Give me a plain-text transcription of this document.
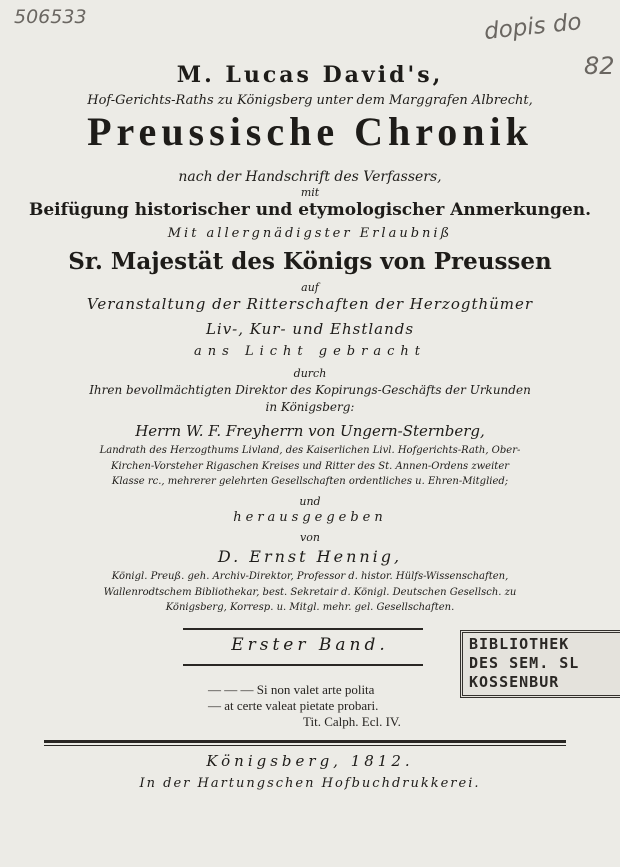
506533	dopis do
82
M. Lucas David's,
Hof-Gerichts-Raths zu Königsberg unter dem Marggrafen Albrecht,
Preussische Chronik
nach der Handschrift des Verfassers,
mit
Beifügung historischer und etymologischer Anmerkungen.
Mit allergnädigster Erlaubniß
Sr. Majestät des Königs von Preussen
auf
Veranstaltung der Ritterschaften der Herzogthümer
Liv-, Kur- und Ehstlands
ans Licht gebracht
durch
Ihren bevollmächtigten Direktor des Kopirungs-Geschäfts der Urkunden
in Königsberg:
Herrn W. F. Freyherrn von Ungern-Sternberg,
Landrath des Herzogthums Livland, des Kaiserlichen Livl. Hofgerichts-Rath, Ober-
Kirchen-Vorsteher Rigaschen Kreises und Ritter des St. Annen-Ordens zweiter
Klasse rc., mehrerer gelehrten Gesellschaften ordentliches u. Ehren-Mitglied;
und
herausgegeben
von
D. Ernst Hennig,
Königl. Preuß. geh. Archiv-Direktor, Professor d. histor. Hülfs-Wissenschaften,
Wallenrodtschem Bibliothekar, best. Sekretair d. Königl. Deutschen Gesellsch. zu
Königsberg, Korresp. u. Mitgl. mehr. gel. Gesellschaften.
Erster Band.	BIBLIOTHEK
DES SEM. SL
KOSSENBUR
— — — Si non valet arte polita
— at certe valeat pietate probari.
Tit. Calph. Ecl. IV.
Königsberg, 1812.
In der Hartungschen Hofbuchdrukkerei.
